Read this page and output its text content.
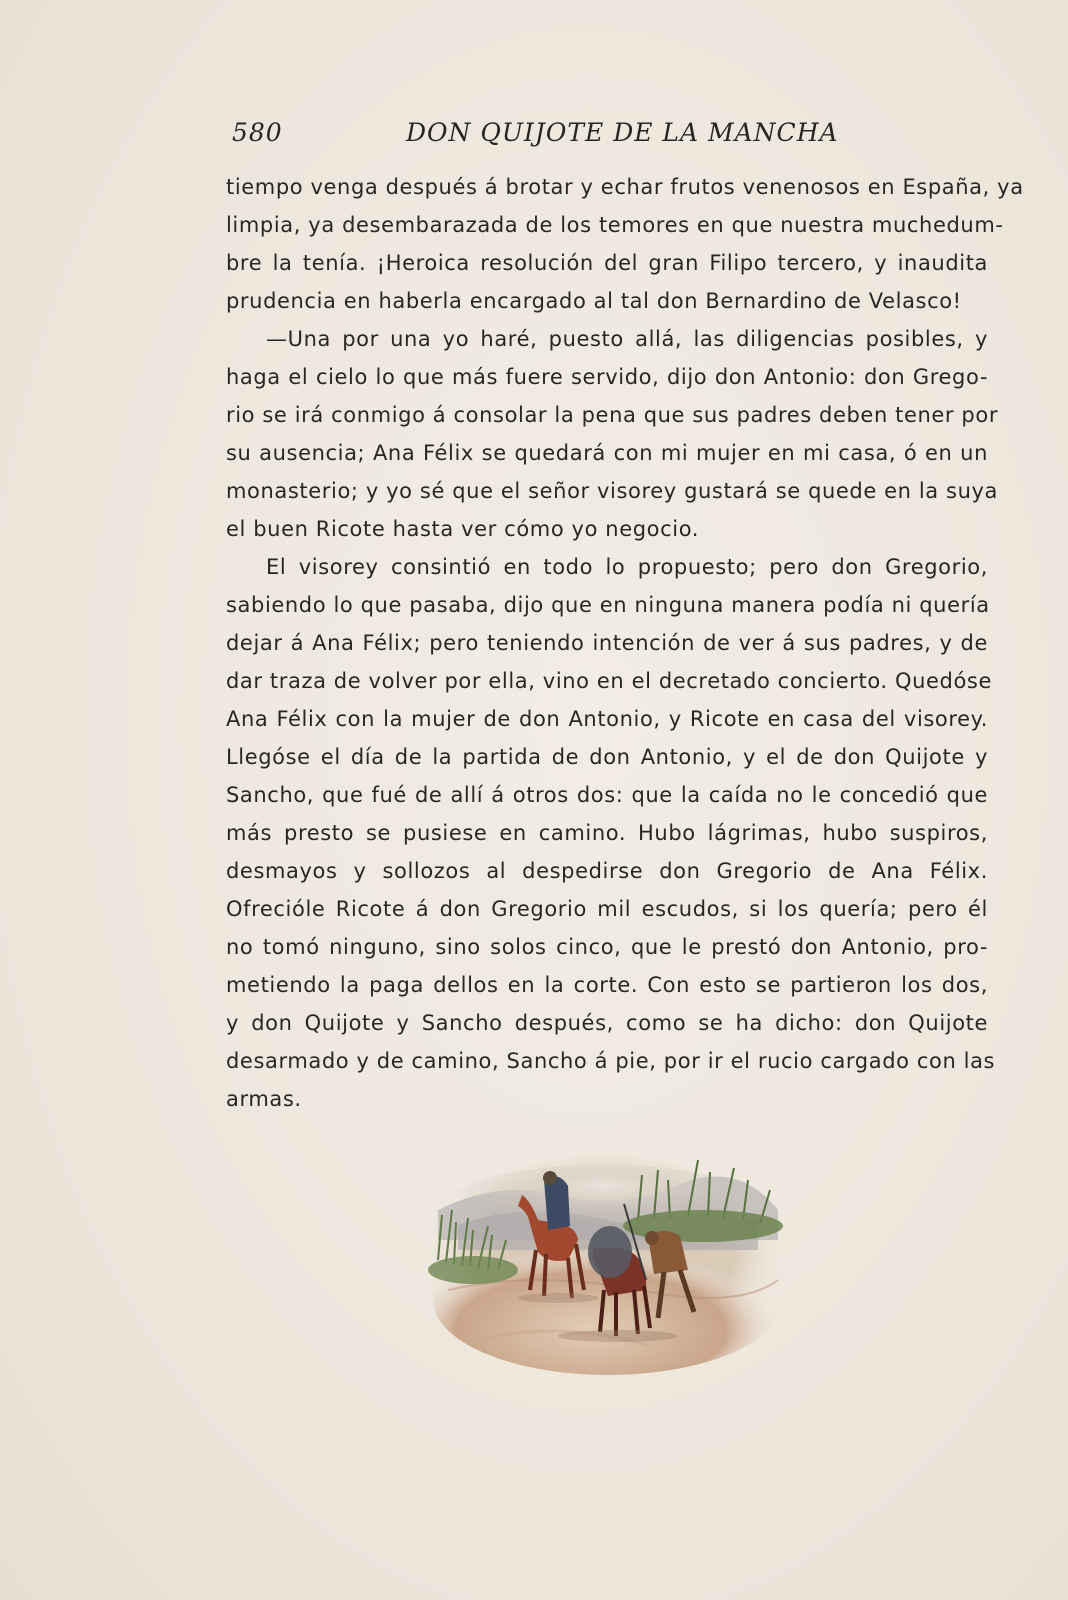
580	DON QUIJOTE DE LA MANCHA
tiempo venga después á brotar y echar frutos venenosos en España, ya
limpia, ya desembarazada de los temores en que nuestra muchedum-
bre la tenía. ¡Heroica resolución del gran Filipo tercero, y inaudita
prudencia en haberla encargado al tal don Bernardino de Velasco!
—Una por una yo haré, puesto allá, las diligencias posibles, y
haga el cielo lo que más fuere servido, dijo don Antonio: don Grego-
rio se irá conmigo á consolar la pena que sus padres deben tener por
su ausencia; Ana Félix se quedará con mi mujer en mi casa, ó en un
monasterio; y yo sé que el señor visorey gustará se quede en la suya
el buen Ricote hasta ver cómo yo negocio.
El visorey consintió en todo lo propuesto; pero don Gregorio,
sabiendo lo que pasaba, dijo que en ninguna manera podía ni quería
dejar á Ana Félix; pero teniendo intención de ver á sus padres, y de
dar traza de volver por ella, vino en el decretado concierto. Quedóse
Ana Félix con la mujer de don Antonio, y Ricote en casa del visorey.
Llegóse el día de la partida de don Antonio, y el de don Quijote y
Sancho, que fué de allí á otros dos: que la caída no le concedió que
más presto se pusiese en camino. Hubo lágrimas, hubo suspiros,
desmayos y sollozos al despedirse don Gregorio de Ana Félix.
Ofrecióle Ricote á don Gregorio mil escudos, si los quería; pero él
no tomó ninguno, sino solos cinco, que le prestó don Antonio, pro-
metiendo la paga dellos en la corte. Con esto se partieron los dos,
y don Quijote y Sancho después, como se ha dicho: don Quijote
desarmado y de camino, Sancho á pie, por ir el rucio cargado con las
armas.
